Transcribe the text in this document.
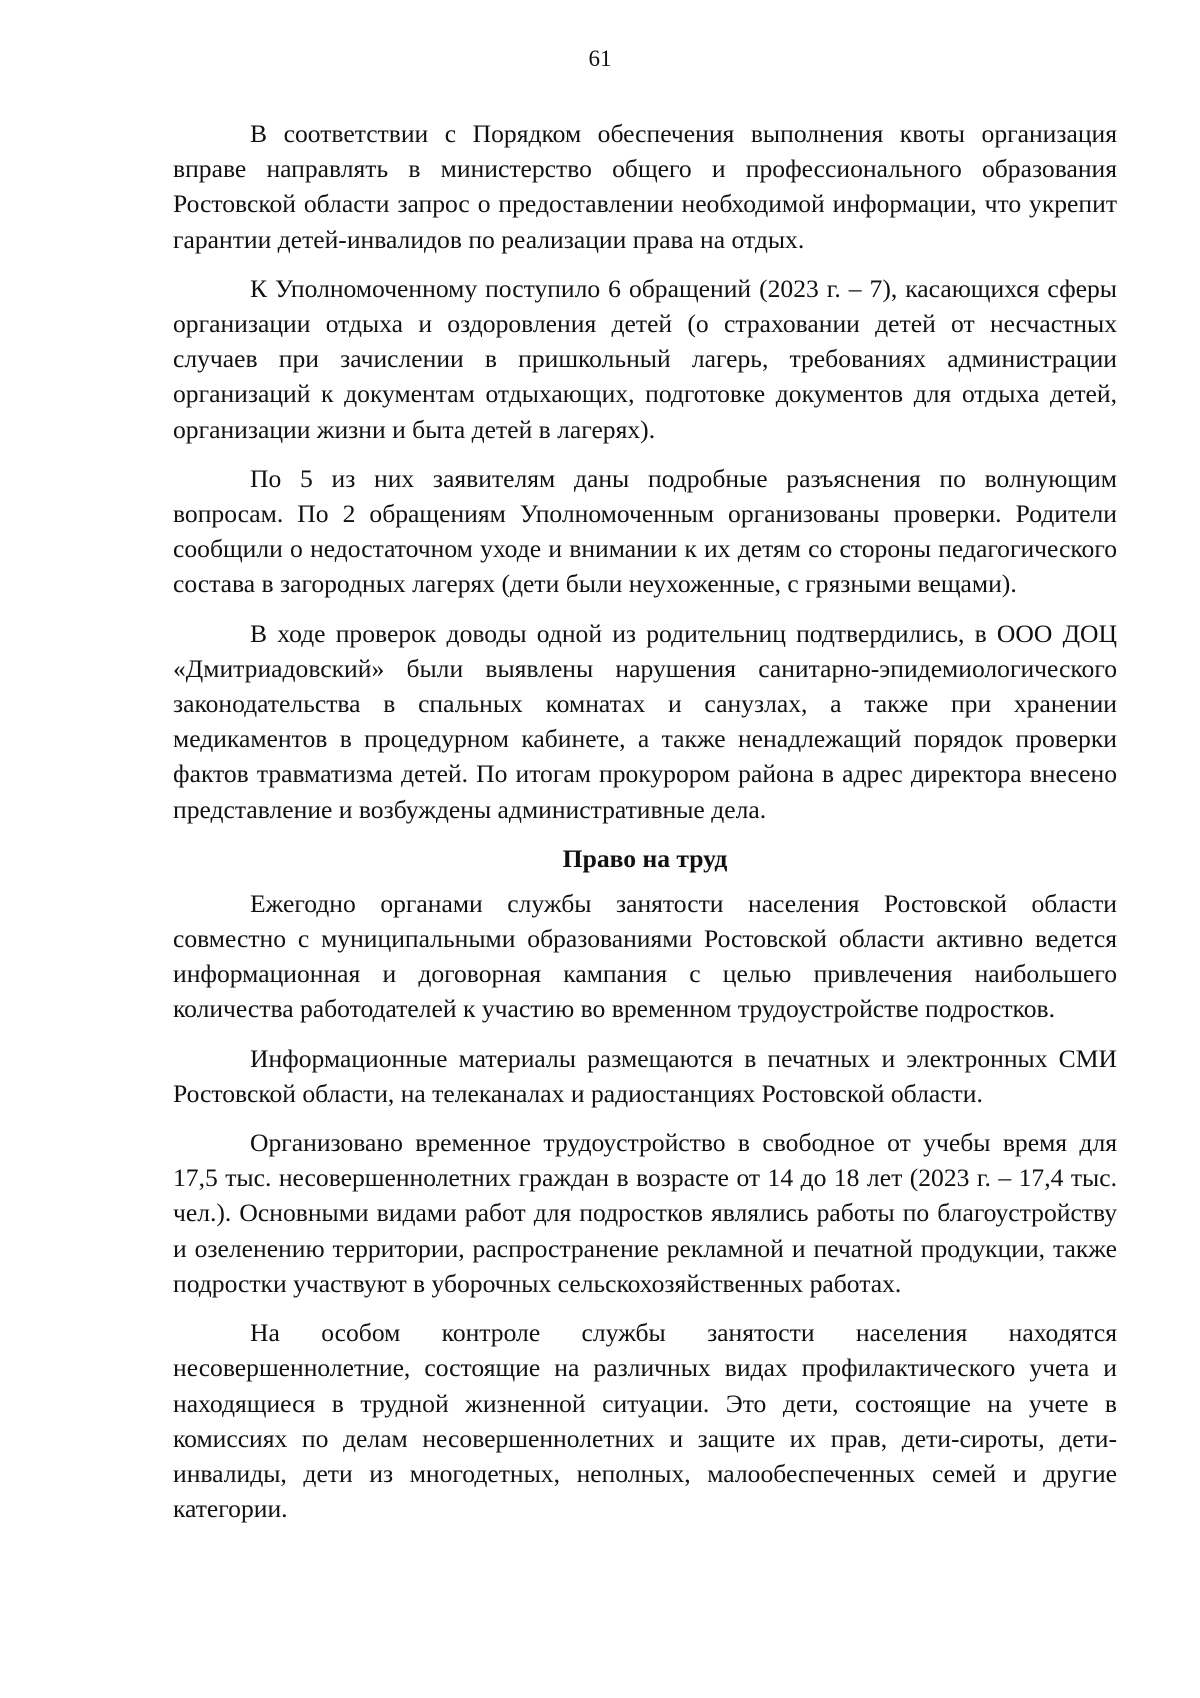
61

В соответствии с Порядком обеспечения выполнения квоты организация вправе направлять в министерство общего и профессионального образования Ростовской области запрос о предоставлении необходимой информации, что укрепит гарантии детей-инвалидов по реализации права на отдых.

К Уполномоченному поступило 6 обращений (2023 г. – 7), касающихся сферы организации отдыха и оздоровления детей (о страховании детей от несчастных случаев при зачислении в пришкольный лагерь, требованиях администрации организаций к документам отдыхающих, подготовке документов для отдыха детей, организации жизни и быта детей в лагерях).

По 5 из них заявителям даны подробные разъяснения по волнующим вопросам. По 2 обращениям Уполномоченным организованы проверки. Родители сообщили о недостаточном уходе и внимании к их детям со стороны педагогического состава в загородных лагерях (дети были неухоженные, с грязными вещами).

В ходе проверок доводы одной из родительниц подтвердились, в ООО ДОЦ «Дмитриадовский» были выявлены нарушения санитарно-эпидемиологического законодательства в спальных комнатах и санузлах, а также при хранении медикаментов в процедурном кабинете, а также ненадлежащий порядок проверки фактов травматизма детей. По итогам прокурором района в адрес директора внесено представление и возбуждены административные дела.

Право на труд

Ежегодно органами службы занятости населения Ростовской области совместно с муниципальными образованиями Ростовской области активно ведется информационная и договорная кампания с целью привлечения наибольшего количества работодателей к участию во временном трудоустройстве подростков.

Информационные материалы размещаются в печатных и электронных СМИ Ростовской области, на телеканалах и радиостанциях Ростовской области.

Организовано временное трудоустройство в свободное от учебы время для 17,5 тыс. несовершеннолетних граждан в возрасте от 14 до 18 лет (2023 г. – 17,4 тыс. чел.). Основными видами работ для подростков являлись работы по благоустройству и озеленению территории, распространение рекламной и печатной продукции, также подростки участвуют в уборочных сельскохозяйственных работах.

На особом контроле службы занятости населения находятся несовершеннолетние, состоящие на различных видах профилактического учета и находящиеся в трудной жизненной ситуации. Это дети, состоящие на учете в комиссиях по делам несовершеннолетних и защите их прав, дети-сироты, дети-инвалиды, дети из многодетных, неполных, малообеспеченных семей и другие категории.
